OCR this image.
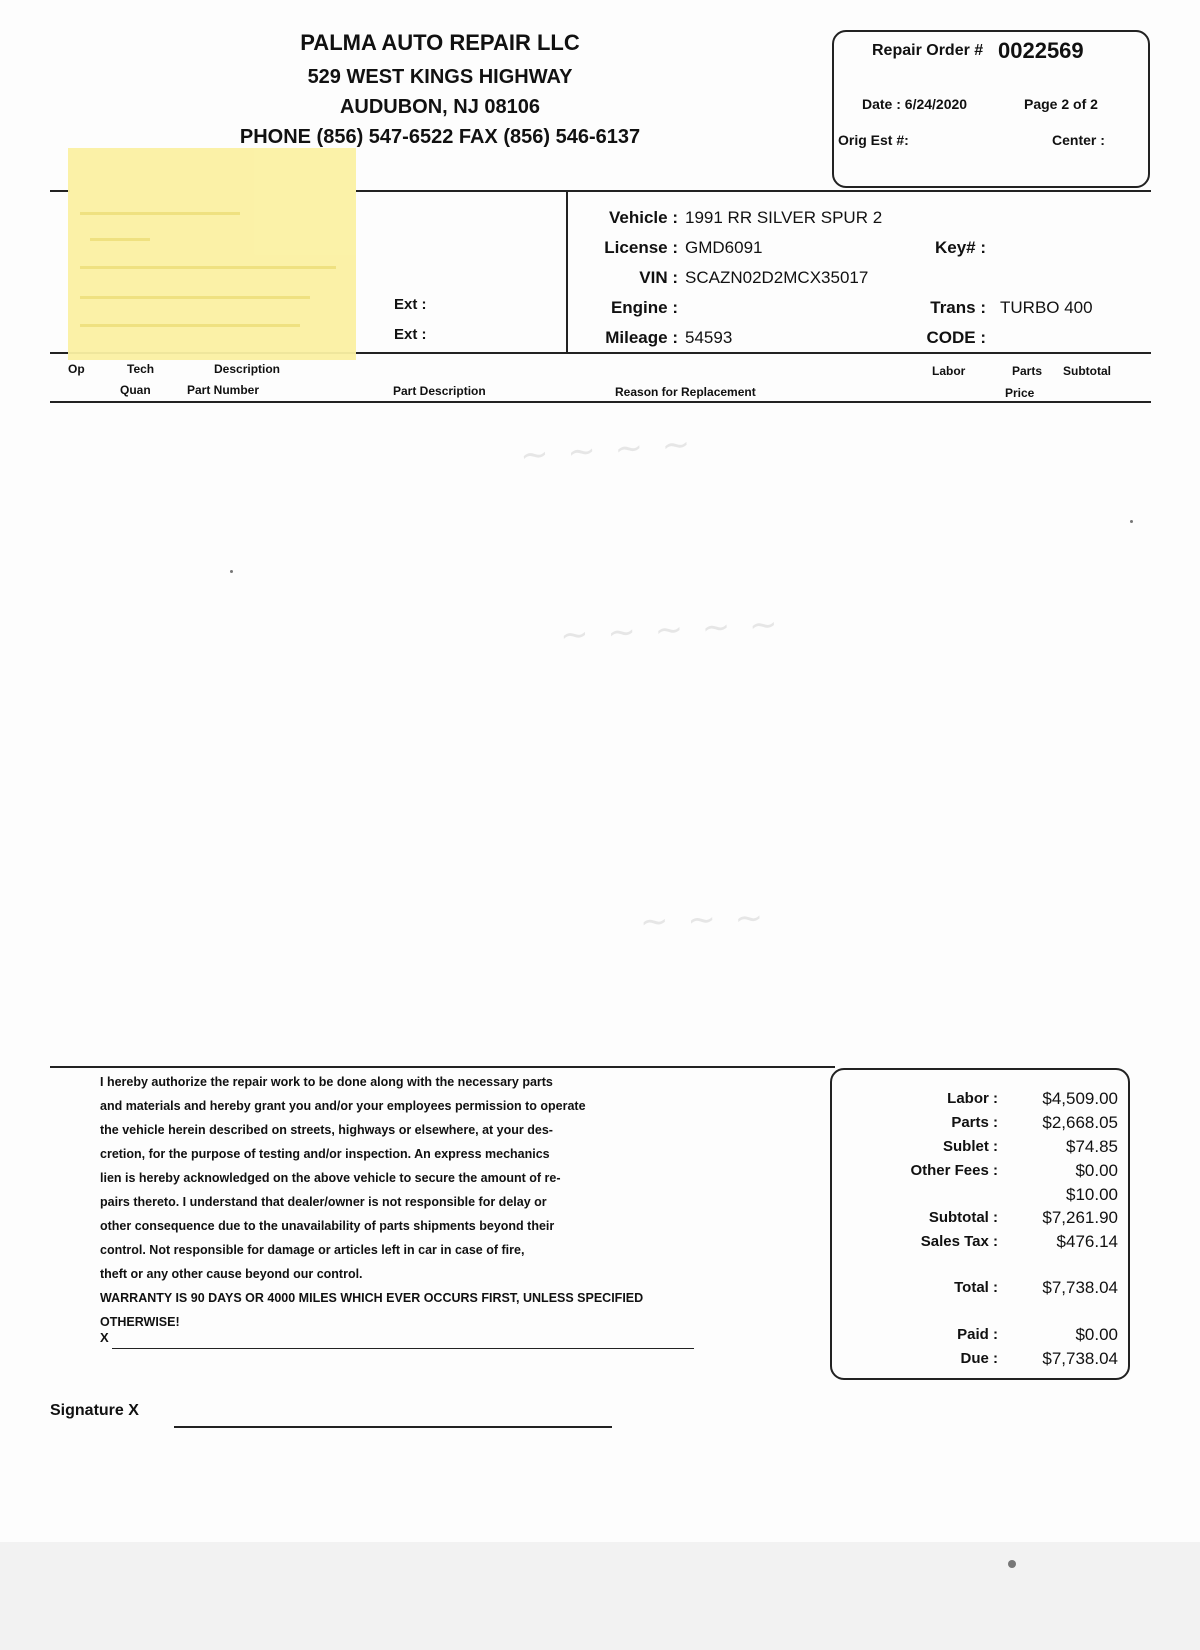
PALMA AUTO REPAIR LLC
529 WEST KINGS HIGHWAY
AUDUBON, NJ 08106
PHONE (856) 547-6522 FAX (856) 546-6137
Repair Order # 0022569
Date : 6/24/2020	Page 2 of 2
Orig Est #:	Center :
Ext :
Ext :
Vehicle : 1991 RR SILVER SPUR 2
License : GMD6091	Key# :
VIN : SCAZN02D2MCX35017
Engine :	Trans : TURBO 400
Mileage : 54593	CODE :
Op	Tech	Description	Labor	Parts Subtotal
Quan	Part Number	Part Description	Reason for Replacement	Price
~ ~ ~ ~
~ ~ ~ ~ ~
~ ~ ~
I hereby authorize the repair work to be done along with the necessary parts
and materials and hereby grant you and/or your employees permission to operate
the vehicle herein described on streets, highways or elsewhere, at your des-
cretion, for the purpose of testing and/or inspection. An express mechanics
lien is hereby acknowledged on the above vehicle to secure the amount of re-
pairs thereto. I understand that dealer/owner is not responsible for delay or
other consequence due to the unavailability of parts shipments beyond their
control. Not responsible for damage or articles left in car in case of fire,
theft or any other cause beyond our control.
WARRANTY IS 90 DAYS OR 4000 MILES WHICH EVER OCCURS FIRST, UNLESS SPECIFIED
OTHERWISE!
X
Labor :	$4,509.00
Parts :	$2,668.05
Sublet :	$74.85
Other Fees :	$0.00
$10.00
Subtotal :	$7,261.90
Sales Tax :	$476.14
Total :	$7,738.04
Paid :	$0.00
Due :	$7,738.04
Signature X
